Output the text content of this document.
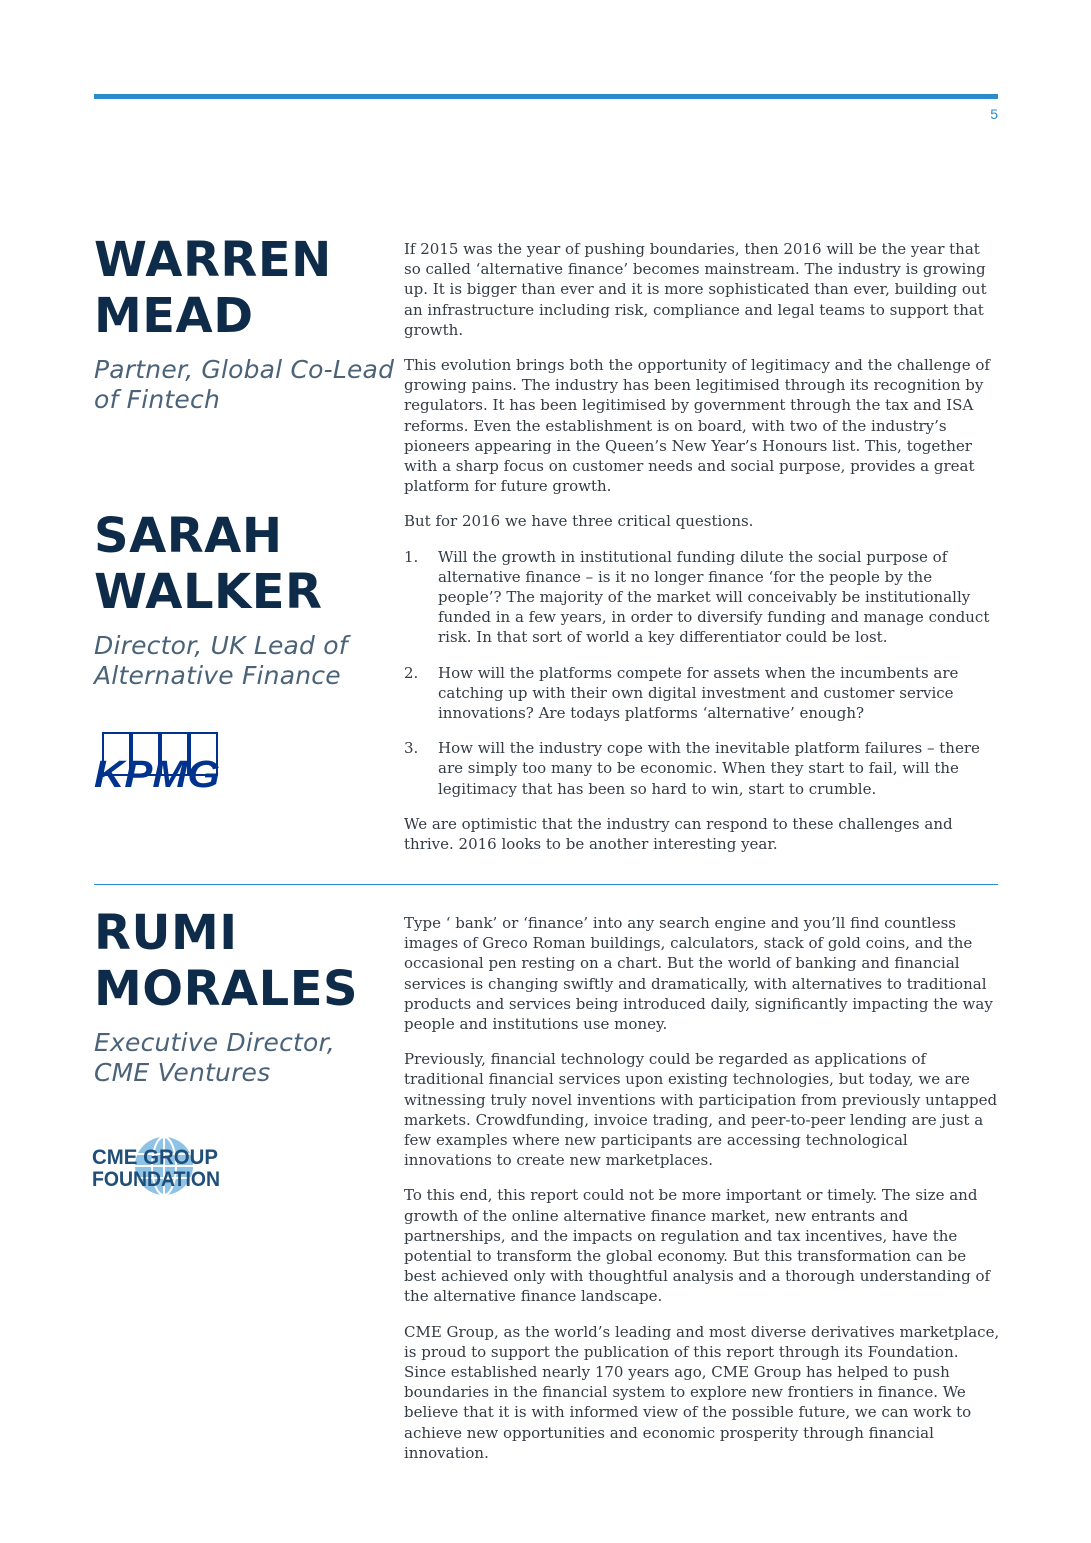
5
WARREN
MEAD

Partner, Global Co-Lead
of Fintech

SARAH
WALKER

Director, UK Lead of
Alternative Finance

KPMG

If 2015 was the year of pushing boundaries, then 2016 will be the year that so called ‘alternative finance’ becomes mainstream. The industry is growing up. It is bigger than ever and it is more sophisticated than ever, building out an infrastructure including risk, compliance and legal teams to support that growth.

This evolution brings both the opportunity of legitimacy and the challenge of growing pains. The industry has been legitimised through its recognition by regulators. It has been legitimised by government through the tax and ISA reforms. Even the establishment is on board, with two of the industry’s pioneers appearing in the Queen’s New Year’s Honours list. This, together with a sharp focus on customer needs and social purpose, provides a great platform for future growth.

But for 2016 we have three critical questions.

1. Will the growth in institutional funding dilute the social purpose of alternative finance – is it no longer finance ‘for the people by the people’? The majority of the market will conceivably be institutionally funded in a few years, in order to diversify funding and manage conduct risk. In that sort of world a key differentiator could be lost.
2. How will the platforms compete for assets when the incumbents are catching up with their own digital investment and customer service innovations? Are todays platforms ‘alternative’ enough?
3. How will the industry cope with the inevitable platform failures – there are simply too many to be economic. When they start to fail, will the legitimacy that has been so hard to win, start to crumble.

We are optimistic that the industry can respond to these challenges and thrive. 2016 looks to be another interesting year.

RUMI
MORALES

Executive Director,
CME Ventures

CME GROUP
FOUNDATION

Type ‘ bank’ or ‘finance’ into any search engine and you’ll find countless images of Greco Roman buildings, calculators, stack of gold coins, and the occasional pen resting on a chart. But the world of banking and financial services is changing swiftly and dramatically, with alternatives to traditional products and services being introduced daily, significantly impacting the way people and institutions use money.

Previously, financial technology could be regarded as applications of traditional financial services upon existing technologies, but today, we are witnessing truly novel inventions with participation from previously untapped markets. Crowdfunding, invoice trading, and peer-to-peer lending are just a few examples where new participants are accessing technological innovations to create new marketplaces.

To this end, this report could not be more important or timely. The size and growth of the online alternative finance market, new entrants and partnerships, and the impacts on regulation and tax incentives, have the potential to transform the global economy. But this transformation can be best achieved only with thoughtful analysis and a thorough understanding of the alternative finance landscape.

CME Group, as the world’s leading and most diverse derivatives marketplace, is proud to support the publication of this report through its Foundation. Since established nearly 170 years ago, CME Group has helped to push boundaries in the financial system to explore new frontiers in finance. We believe that it is with informed view of the possible future, we can work to achieve new opportunities and economic prosperity through financial innovation.
